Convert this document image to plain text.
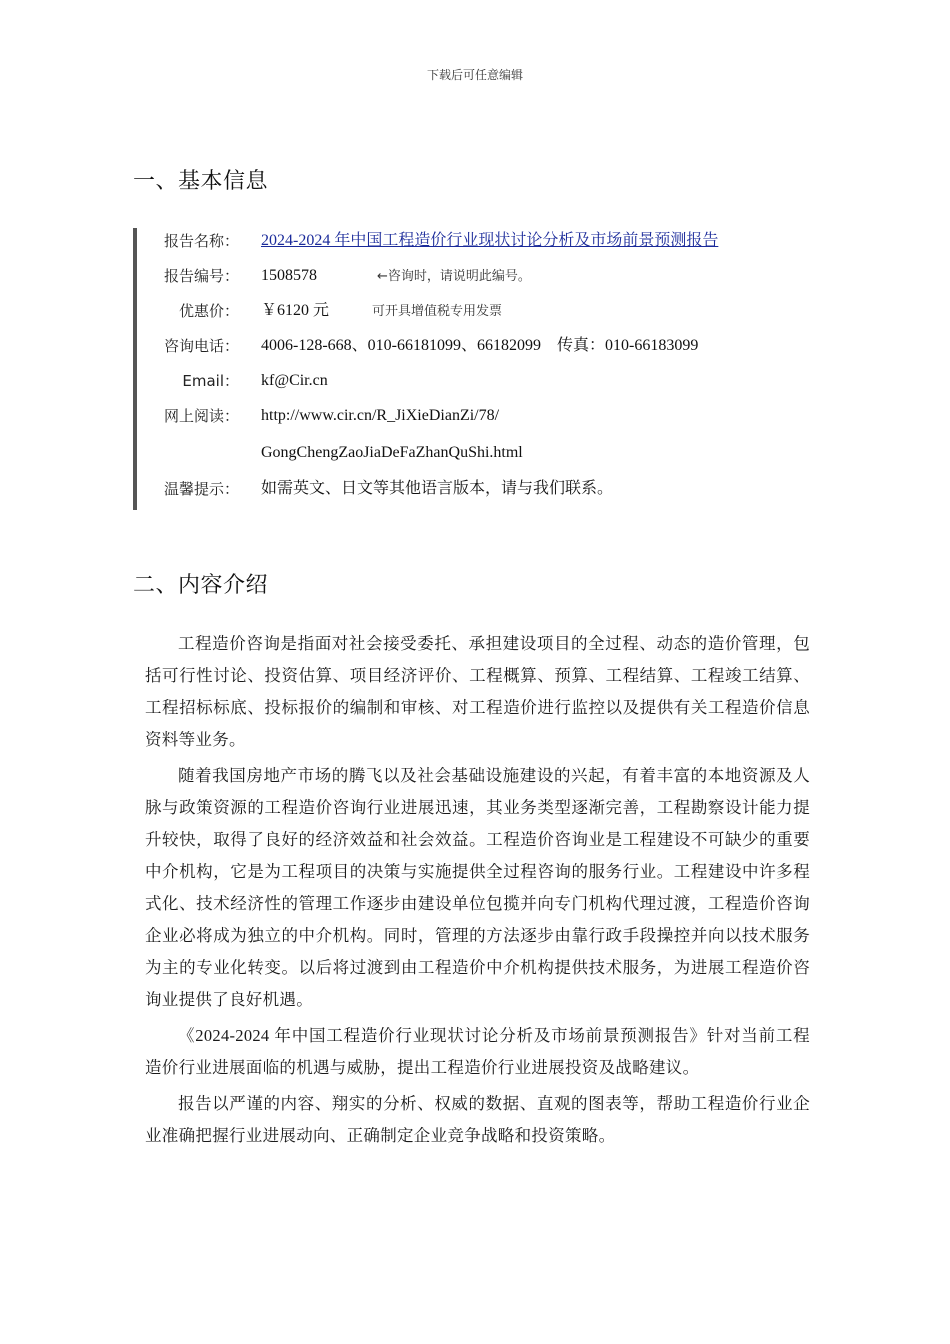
下载后可任意编辑
一、基本信息
报告名称： 2024-2024 年中国工程造价行业现状讨论分析及市场前景预测报告
报告编号： 1508578	←咨询时，请说明此编号。
优惠价： ￥6120 元	可开具增值税专用发票
咨询电话： 4006-128-668、010-66181099、66182099　传真：010-66183099
Email： kf@Cir.cn
网上阅读： http://www.cir.cn/R_JiXieDianZi/78/
GongChengZaoJiaDeFaZhanQuShi.html
温馨提示： 如需英文、日文等其他语言版本，请与我们联系。
二、内容介绍

工程造价咨询是指面对社会接受委托、承担建设项目的全过程、动态的造价管理，包括可行性讨论、投资估算、项目经济评价、工程概算、预算、工程结算、工程竣工结算、工程招标标底、投标报价的编制和审核、对工程造价进行监控以及提供有关工程造价信息资料等业务。

随着我国房地产市场的腾飞以及社会基础设施建设的兴起，有着丰富的本地资源及人脉与政策资源的工程造价咨询行业进展迅速，其业务类型逐渐完善，工程勘察设计能力提升较快，取得了良好的经济效益和社会效益。工程造价咨询业是工程建设不可缺少的重要中介机构，它是为工程项目的决策与实施提供全过程咨询的服务行业。工程建设中许多程式化、技术经济性的管理工作逐步由建设单位包揽并向专门机构代理过渡，工程造价咨询企业必将成为独立的中介机构。同时，管理的方法逐步由靠行政手段操控并向以技术服务为主的专业化转变。以后将过渡到由工程造价中介机构提供技术服务，为进展工程造价咨询业提供了良好机遇。

《2024-2024 年中国工程造价行业现状讨论分析及市场前景预测报告》针对当前工程造价行业进展面临的机遇与威胁，提出工程造价行业进展投资及战略建议。

报告以严谨的内容、翔实的分析、权威的数据、直观的图表等，帮助工程造价行业企业准确把握行业进展动向、正确制定企业竞争战略和投资策略。
